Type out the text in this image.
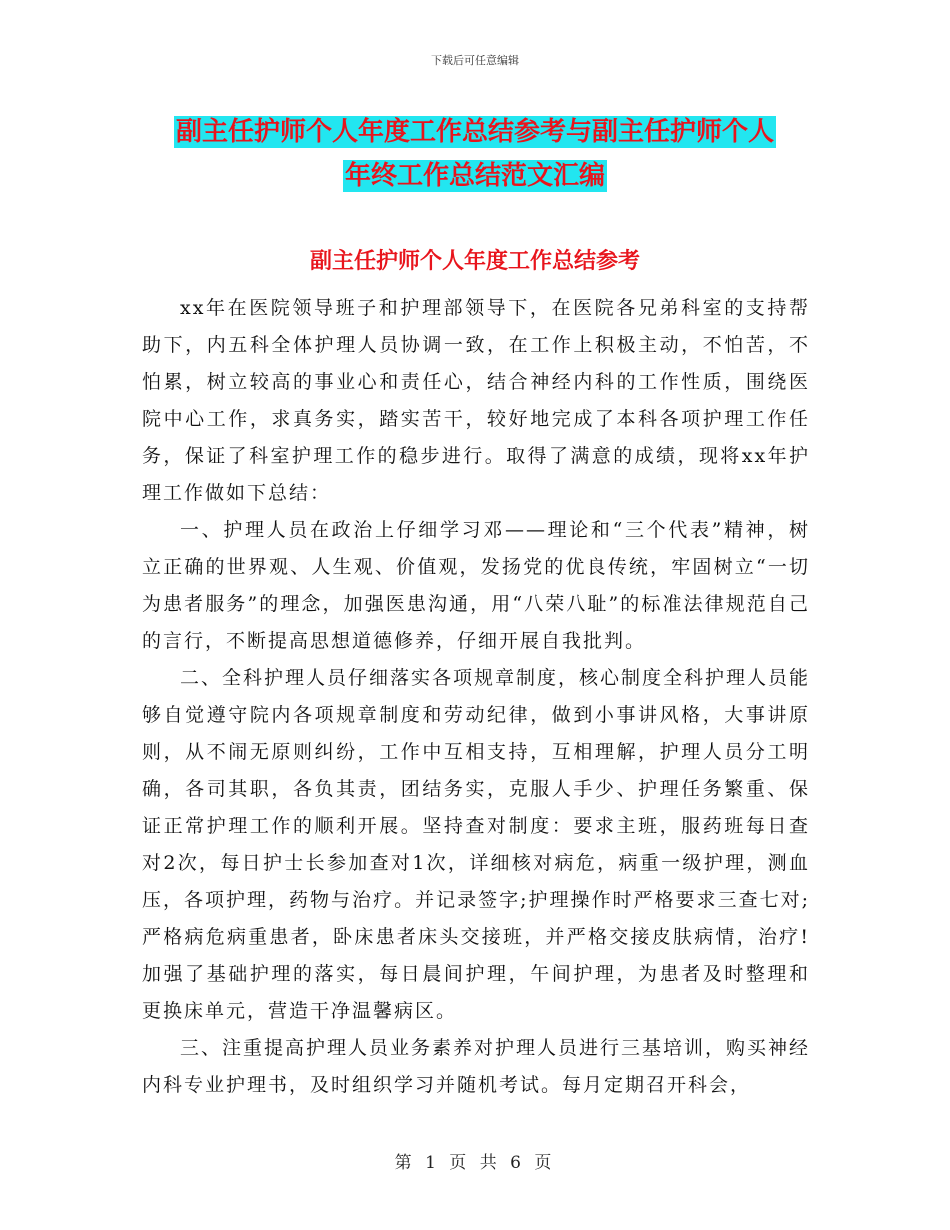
下载后可任意编辑
副主任护师个人年度工作总结参考与副主任护师个人
年终工作总结范文汇编
副主任护师个人年度工作总结参考

xx年在医院领导班子和护理部领导下，在医院各兄弟科室的支持帮助下，内五科全体护理人员协调一致，在工作上积极主动，不怕苦，不怕累，树立较高的事业心和责任心，结合神经内科的工作性质，围绕医院中心工作，求真务实，踏实苦干，较好地完成了本科各项护理工作任务，保证了科室护理工作的稳步进行。取得了满意的成绩，现将xx年护理工作做如下总结：

一、护理人员在政治上仔细学习邓——理论和“三个代表”精神，树立正确的世界观、人生观、价值观，发扬党的优良传统，牢固树立“一切为患者服务”的理念，加强医患沟通，用“八荣八耻”的标准法律规范自己的言行，不断提高思想道德修养，仔细开展自我批判。

二、全科护理人员仔细落实各项规章制度，核心制度全科护理人员能够自觉遵守院内各项规章制度和劳动纪律，做到小事讲风格，大事讲原则，从不闹无原则纠纷，工作中互相支持，互相理解，护理人员分工明确，各司其职，各负其责，团结务实，克服人手少、护理任务繁重、保证正常护理工作的顺利开展。坚持查对制度：要求主班，服药班每日查对2次，每日护士长参加查对1次，详细核对病危，病重一级护理，测血压，各项护理，药物与治疗。并记录签字;护理操作时严格要求三查七对;严格病危病重患者，卧床患者床头交接班，并严格交接皮肤病情，治疗!加强了基础护理的落实，每日晨间护理，午间护理，为患者及时整理和更换床单元，营造干净温馨病区。

三、注重提高护理人员业务素养对护理人员进行三基培训，购买神经内科专业护理书，及时组织学习并随机考试。每月定期召开科会，

第 1 页 共 6 页
